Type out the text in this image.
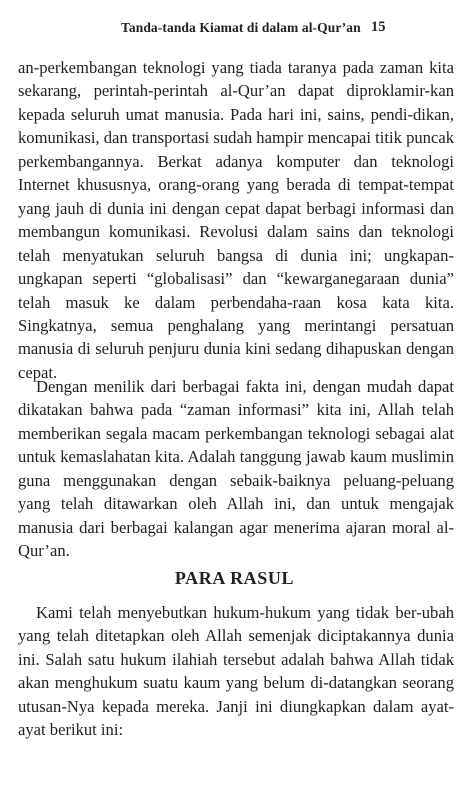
Tanda-tanda Kiamat di dalam al-Qur’an 15

an-perkembangan teknologi yang tiada taranya pada zaman kita sekarang, perintah-perintah al-Qur’an dapat diproklamir-kan kepada seluruh umat manusia. Pada hari ini, sains, pendi-dikan, komunikasi, dan transportasi sudah hampir mencapai titik puncak perkembangannya. Berkat adanya komputer dan teknologi Internet khususnya, orang-orang yang berada di tempat-tempat yang jauh di dunia ini dengan cepat dapat berbagi informasi dan membangun komunikasi. Revolusi dalam sains dan teknologi telah menyatukan seluruh bangsa di dunia ini; ungkapan-ungkapan seperti “globalisasi” dan “kewarganegaraan dunia” telah masuk ke dalam perbendaha-raan kosa kata kita. Singkatnya, semua penghalang yang merintangi persatuan manusia di seluruh penjuru dunia kini sedang dihapuskan dengan cepat.

Dengan menilik dari berbagai fakta ini, dengan mudah dapat dikatakan bahwa pada “zaman informasi” kita ini, Allah telah memberikan segala macam perkembangan teknologi sebagai alat untuk kemaslahatan kita. Adalah tanggung jawab kaum muslimin guna menggunakan dengan sebaik-baiknya peluang-peluang yang telah ditawarkan oleh Allah ini, dan untuk mengajak manusia dari berbagai kalangan agar menerima ajaran moral al-Qur’an.

PARA RASUL

Kami telah menyebutkan hukum-hukum yang tidak ber-ubah yang telah ditetapkan oleh Allah semenjak diciptakannya dunia ini. Salah satu hukum ilahiah tersebut adalah bahwa Allah tidak akan menghukum suatu kaum yang belum di-datangkan seorang utusan-Nya kepada mereka. Janji ini diungkapkan dalam ayat-ayat berikut ini:
